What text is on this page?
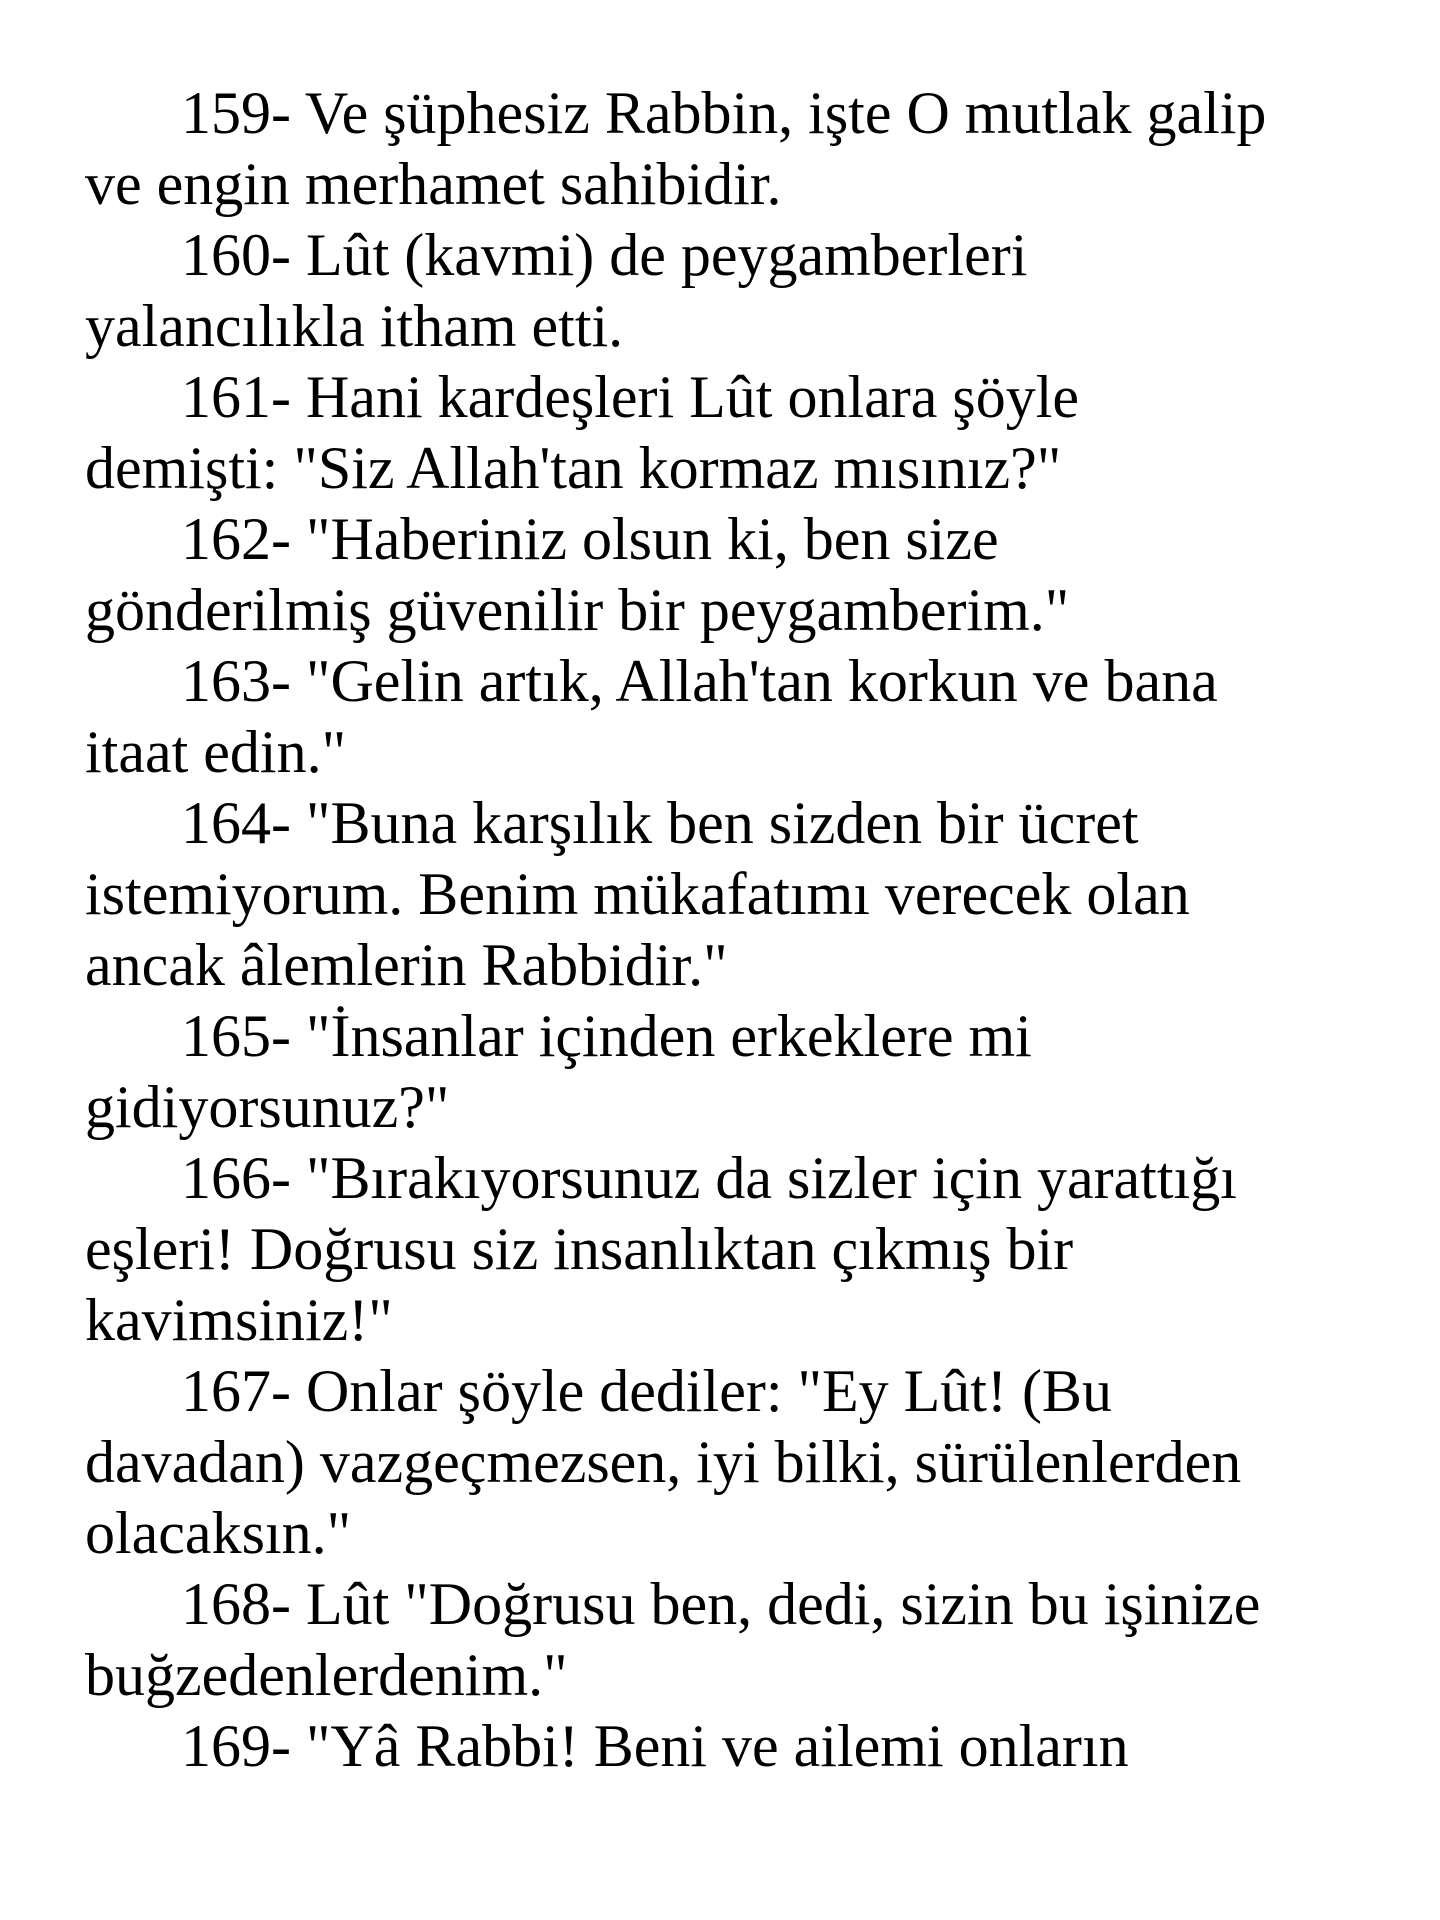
159- Ve şüphesiz Rabbin, işte O mutlak galip
ve engin merhamet sahibidir.
160- Lût (kavmi) de peygamberleri
yalancılıkla itham etti.
161- Hani kardeşleri Lût onlara şöyle
demişti: "Siz Allah'tan kormaz mısınız?"
162- "Haberiniz olsun ki, ben size
gönderilmiş güvenilir bir peygamberim."
163- "Gelin artık, Allah'tan korkun ve bana
itaat edin."
164- "Buna karşılık ben sizden bir ücret
istemiyorum. Benim mükafatımı verecek olan
ancak âlemlerin Rabbidir."
165- "İnsanlar içinden erkeklere mi
gidiyorsunuz?"
166- "Bırakıyorsunuz da sizler için yarattığı
eşleri! Doğrusu siz insanlıktan çıkmış bir
kavimsiniz!"
167- Onlar şöyle dediler: "Ey Lût! (Bu
davadan) vazgeçmezsen, iyi bilki, sürülenlerden
olacaksın."
168- Lût "Doğrusu ben, dedi, sizin bu işinize
buğzedenlerdenim."
169- "Yâ Rabbi! Beni ve ailemi onların
